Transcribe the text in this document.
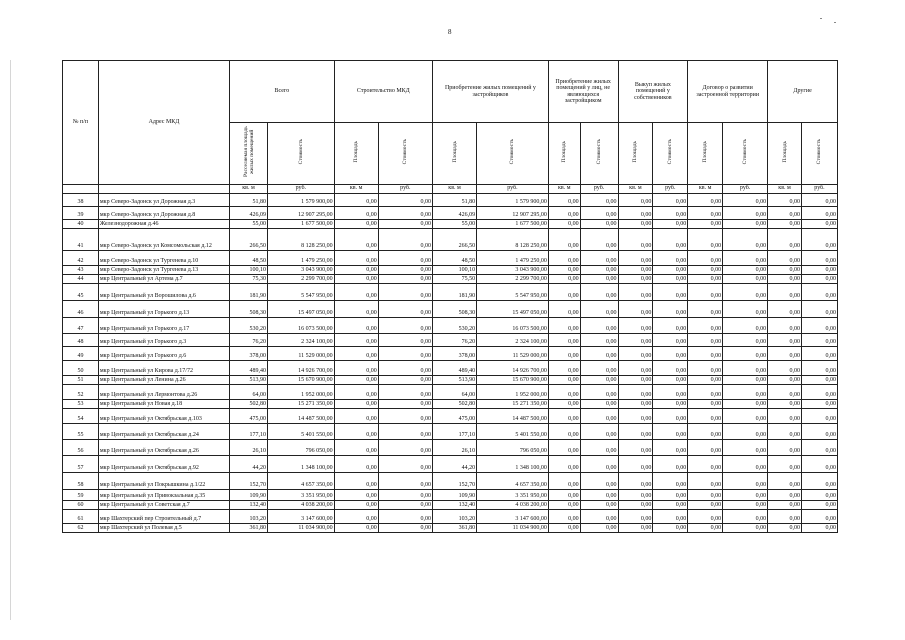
8
№ п/п	Адрес МКД	Всего		Строительство МКД		Приобретение жилых помещений у застройщиков		Приобретение жилых помещений у лиц, не являющихся застройщиком		Выкуп жилых помещений у собственников		Договор о развитии застроенной территории		Другие	
		Расселяемая площадь жилых помещений	Стоимость	Площадь	Стоимость	Площадь	Стоимость	Площадь	Стоимость	Площадь	Стоимость	Площадь	Стоимость	Площадь	Стоимость
		кв. м	руб.	кв. м	руб.	кв. м	руб.	кв. м	руб.	кв. м	руб.	кв. м	руб.	кв. м	руб.
38	мкр Северо-Задонск ул Дорожная д.3	51,80	1 579 900,00	0,00	0,00	51,80	1 579 900,00	0,00	0,00	0,00	0,00	0,00	0,00	0,00	0,00
39	мкр Северо-Задонск ул Дорожная д.8	426,09	12 907 295,00	0,00	0,00	426,09	12 907 295,00	0,00	0,00	0,00	0,00	0,00	0,00	0,00	0,00
40	Железнодорожная д.46	55,00	1 677 500,00	0,00	0,00	55,00	1 677 500,00	0,00	0,00	0,00	0,00	0,00	0,00	0,00	0,00
41	мкр Северо-Задонск ул Комсомольская д.12	266,50	8 128 250,00	0,00	0,00	266,50	8 128 250,00	0,00	0,00	0,00	0,00	0,00	0,00	0,00	0,00
42	мкр Северо-Задонск ул Тургенева д.10	48,50	1 479 250,00	0,00	0,00	48,50	1 479 250,00	0,00	0,00	0,00	0,00	0,00	0,00	0,00	0,00
43	мкр Северо-Задонск ул Тургенева д.13	100,10	3 043 900,00	0,00	0,00	100,10	3 043 900,00	0,00	0,00	0,00	0,00	0,00	0,00	0,00	0,00
44	мкр Центральный ул Артема д.7	75,30	2 299 700,00	0,00	0,00	75,50	2 299 700,00	0,00	0,00	0,00	0,00	0,00	0,00	0,00	0,00
45	мкр Центральный ул Ворошилова д.6	181,90	5 547 950,00	0,00	0,00	181,90	5 547 950,00	0,00	0,00	0,00	0,00	0,00	0,00	0,00	0,00
46	мкр Центральный ул Горького д.13	508,30	15 497 050,00	0,00	0,00	508,30	15 497 050,00	0,00	0,00	0,00	0,00	0,00	0,00	0,00	0,00
47	мкр Центральный ул Горького д.17	530,20	16 073 500,00	0,00	0,00	530,20	16 073 500,00	0,00	0,00	0,00	0,00	0,00	0,00	0,00	0,00
48	мкр Центральный ул Горького д.3	76,20	2 324 100,00	0,00	0,00	76,20	2 324 100,00	0,00	0,00	0,00	0,00	0,00	0,00	0,00	0,00
49	мкр Центральный ул Горького д.6	378,00	11 529 000,00	0,00	0,00	378,00	11 529 000,00	0,00	0,00	0,00	0,00	0,00	0,00	0,00	0,00
50	мкр Центральный ул Кирова д.17/72	489,40	14 926 700,00	0,00	0,00	489,40	14 926 700,00	0,00	0,00	0,00	0,00	0,00	0,00	0,00	0,00
51	мкр Центральный ул Ленина д.26	513,90	15 670 900,00	0,00	0,00	513,90	15 670 900,00	0,00	0,00	0,00	0,00	0,00	0,00	0,00	0,00
52	мкр Центральный ул Лермонтова д.26	64,00	1 952 000,00	0,00	0,00	64,00	1 952 000,00	0,00	0,00	0,00	0,00	0,00	0,00	0,00	0,00
53	мкр Центральный ул Новая д.18	502,80	15 271 350,00	0,00	0,00	502,80	15 271 350,00	0,00	0,00	0,00	0,00	0,00	0,00	0,00	0,00
54	мкр Центральный ул Октябрьская д.103	475,00	14 487 500,00	0,00	0,00	475,00	14 487 500,00	0,00	0,00	0,00	0,00	0,00	0,00	0,00	0,00
55	мкр Центральный ул Октябрьская д.24	177,10	5 401 550,00	0,00	0,00	177,10	5 401 550,00	0,00	0,00	0,00	0,00	0,00	0,00	0,00	0,00
56	мкр Центральный ул Октябрьская д.26	26,10	796 050,00	0,00	0,00	26,10	796 050,00	0,00	0,00	0,00	0,00	0,00	0,00	0,00	0,00
57	мкр Центральный ул Октябрьская д.92	44,20	1 348 100,00	0,00	0,00	44,20	1 348 100,00	0,00	0,00	0,00	0,00	0,00	0,00	0,00	0,00
58	мкр Центральный ул Покрышкина д.1/22	152,70	4 657 350,00	0,00	0,00	152,70	4 657 350,00	0,00	0,00	0,00	0,00	0,00	0,00	0,00	0,00
59	мкр Центральный ул Привокзальная д.35	109,90	3 351 950,00	0,00	0,00	109,90	3 351 950,00	0,00	0,00	0,00	0,00	0,00	0,00	0,00	0,00
60	мкр Центральный ул Советская д.7	132,40	4 038 200,00	0,00	0,00	132,40	4 038 200,00	0,00	0,00	0,00	0,00	0,00	0,00	0,00	0,00
61	мкр Шахтерский пер Строительный д.7	103,20	3 147 600,00	0,00	0,00	103,20	3 147 600,00	0,00	0,00	0,00	0,00	0,00	0,00	0,00	0,00
62	мкр Шахтерский ул Полевая д.5	361,80	11 034 900,00	0,00	0,00	361,80	11 034 900,00	0,00	0,00	0,00	0,00	0,00	0,00	0,00	0,00
